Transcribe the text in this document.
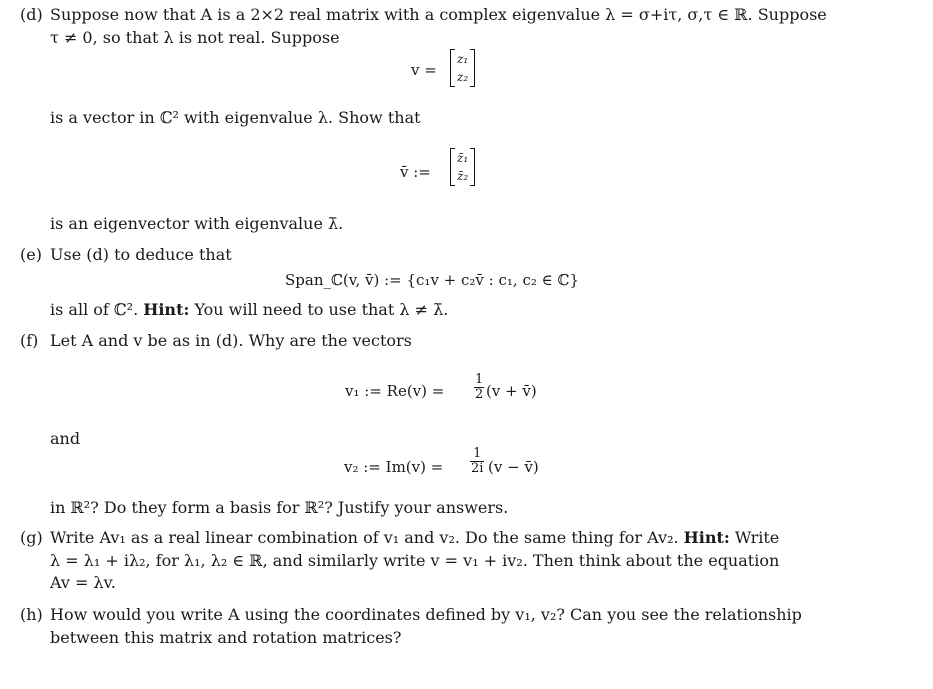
(d) Suppose now that A is a 2×2 real matrix with a complex eigenvalue λ = σ+iτ, σ,τ ∈ ℝ. Suppose
τ ≠ 0, so that λ is not real. Suppose
v =
z₁
z₂
is a vector in ℂ² with eigenvalue λ. Show that
v̄ :=
z̄₁
z̄₂
is an eigenvector with eigenvalue λ̄.
(e) Use (d) to deduce that
Span_ℂ(v, v̄) := {c₁v + c₂v̄ : c₁, c₂ ∈ ℂ}
is all of ℂ². Hint: You will need to use that λ ≠ λ̄.
(f) Let A and v be as in (d). Why are the vectors
v₁ := $Re(v) = \frac{1}{2} (v$ + v̄)
and
v₂ := $Im(v) = \frac{1}{2i} (v$ − v̄)
in ℝ²? Do they form a basis for ℝ²? Justify your answers.
(g) Write Av₁ as a real linear combination of v₁ and v₂. Do the same thing for Av₂. Hint: Write
λ = λ₁ + iλ₂, for λ₁, λ₂ ∈ ℝ, and similarly write v = v₁ + iv₂. Then think about the equation
Av = λv.
(h) How would you write A using the coordinates defined by v₁, v₂? Can you see the relationship
between this matrix and rotation matrices?
